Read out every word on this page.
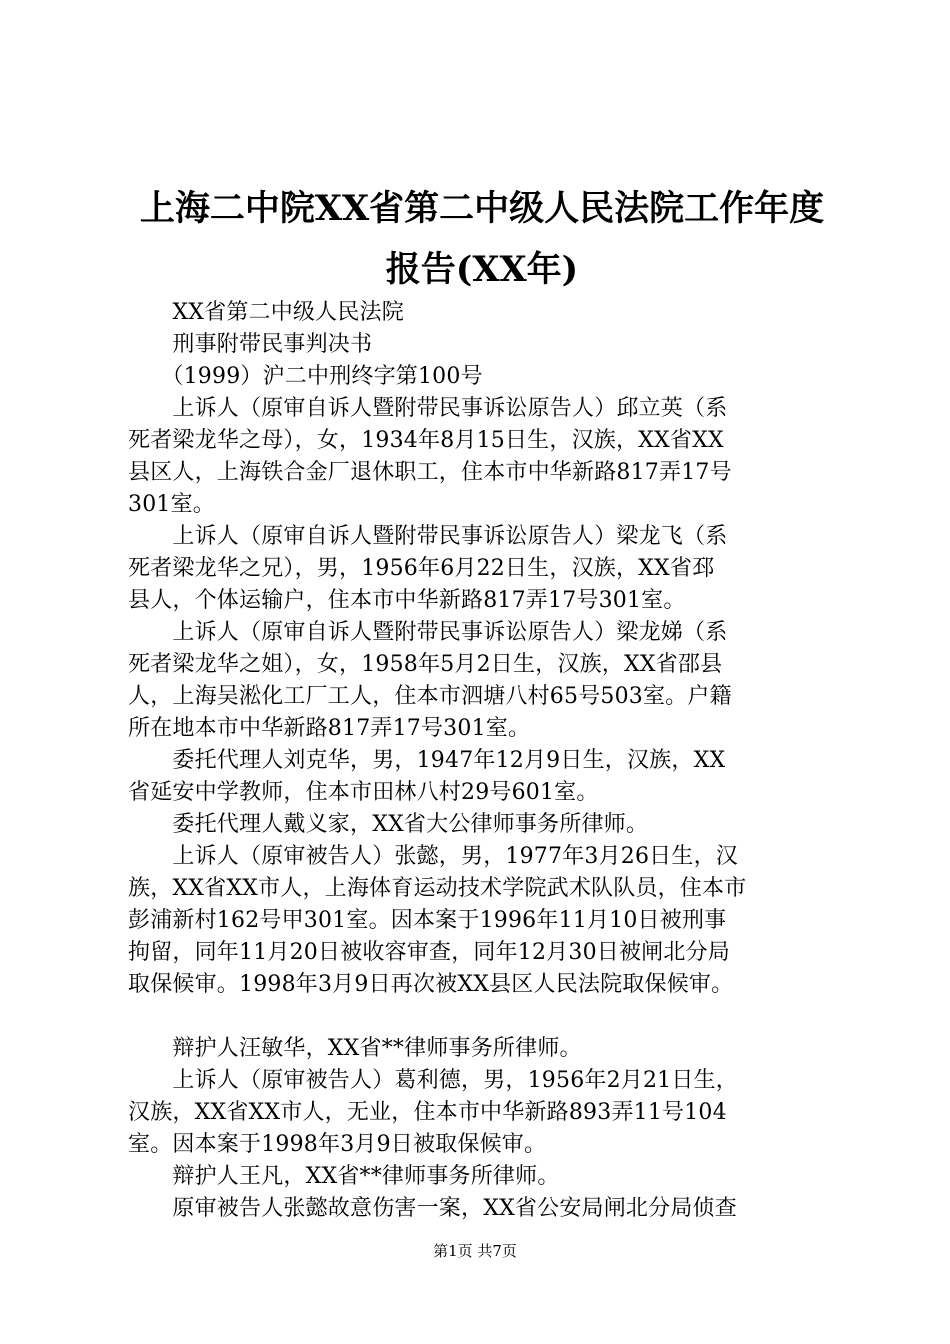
上海二中院XX省第二中级人民法院工作年度
报告(XX年)
　　XX省第二中级人民法院
　　刑事附带民事判决书
　　（1999）沪二中刑终字第100号
　　上诉人（原审自诉人暨附带民事诉讼原告人）邱立英（系
死者梁龙华之母），女，1934年8月15日生，汉族，XX省XX
县区人，上海铁合金厂退休职工，住本市中华新路817弄17号
301室。
　　上诉人（原审自诉人暨附带民事诉讼原告人）梁龙飞（系
死者梁龙华之兄），男，1956年6月22日生，汉族，XX省邳
县人，个体运输户，住本市中华新路817弄17号301室。
　　上诉人（原审自诉人暨附带民事诉讼原告人）梁龙娣（系
死者梁龙华之姐），女，1958年5月2日生，汉族，XX省邵县
人，上海吴淞化工厂工人，住本市泗塘八村65号503室。户籍
所在地本市中华新路817弄17号301室。
　　委托代理人刘克华，男，1947年12月9日生，汉族，XX
省延安中学教师，住本市田林八村29号601室。
　　委托代理人戴义家，XX省大公律师事务所律师。
　　上诉人（原审被告人）张懿，男，1977年3月26日生，汉
族，XX省XX市人，上海体育运动技术学院武术队队员，住本市
彭浦新村162号甲301室。因本案于1996年11月10日被刑事
拘留，同年11月20日被收容审查，同年12月30日被闸北分局
取保候审。1998年3月9日再次被XX县区人民法院取保候审。
　　辩护人汪敏华，XX省**律师事务所律师。
　　上诉人（原审被告人）葛利德，男，1956年2月21日生，
汉族，XX省XX市人，无业，住本市中华新路893弄11号104
室。因本案于1998年3月9日被取保候审。
　　辩护人王凡，XX省**律师事务所律师。
　　原审被告人张懿故意伤害一案，XX省公安局闸北分局侦查
第1页 共7页
